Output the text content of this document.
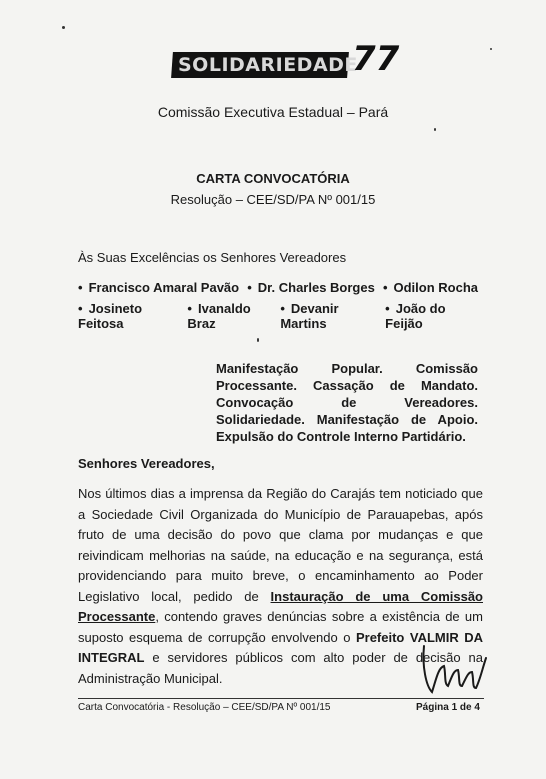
SOLIDARIEDADE
77
Comissão Executiva Estadual – Pará
CARTA CONVOCATÓRIA
Resolução – CEE/SD/PA Nº 001/15
Às Suas Excelências os Senhores Vereadores
• Francisco Amaral Pavão • Dr. Charles Borges • Odilon Rocha
• Josineto Feitosa
• Ivanaldo Braz
• Devanir Martins
• João do Feijão
Manifestação Popular. Comissão Processante. Cassação de Mandato. Convocação de Vereadores. Solidariedade. Manifestação de Apoio. Expulsão do Controle Interno Partidário.
Senhores Vereadores,
Nos últimos dias a imprensa da Região do Carajás tem noticiado que a Sociedade Civil Organizada do Município de Parauapebas, após fruto de uma decisão do povo que clama por mudanças e que reivindicam melhorias na saúde, na educação e na segurança, está providenciando para muito breve, o encaminhamento ao Poder Legislativo local, pedido de Instauração de uma Comissão Processante, contendo graves denúncias sobre a existência de um suposto esquema de corrupção envolvendo o Prefeito VALMIR DA INTEGRAL e servidores públicos com alto poder de decisão na Administração Municipal.
Carta Convocatória - Resolução – CEE/SD/PA Nº 001/15	Página 1 de 4
